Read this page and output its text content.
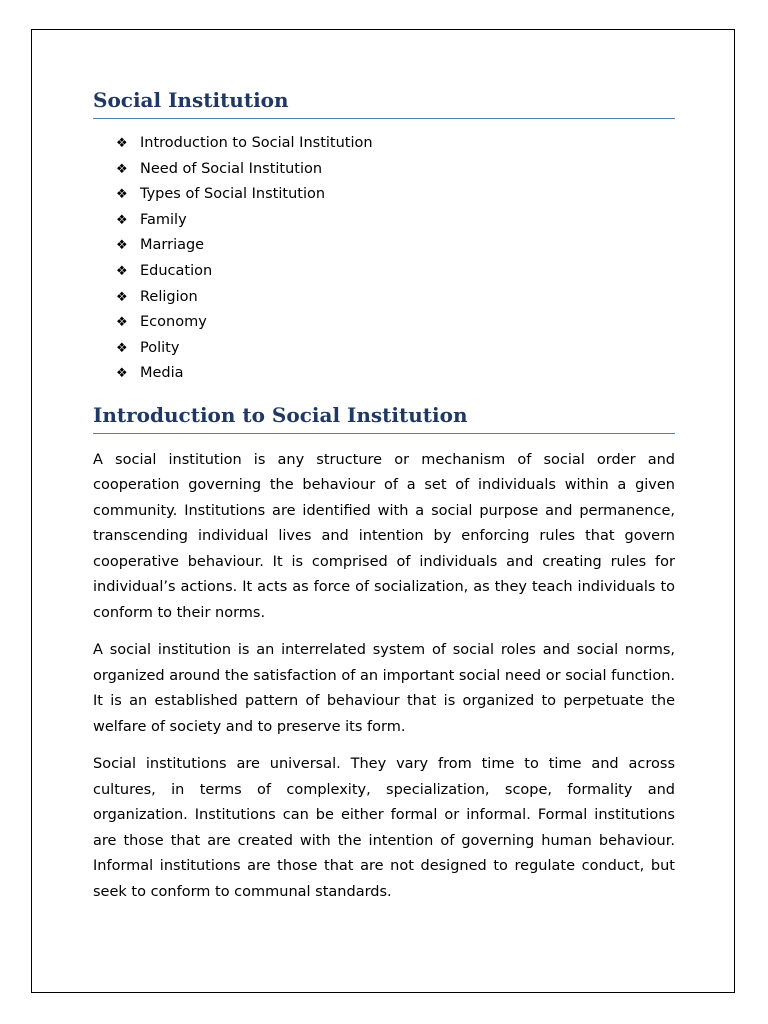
Social Institution
❖ Introduction to Social Institution
❖ Need of Social Institution
❖ Types of Social Institution
❖ Family
❖ Marriage
❖ Education
❖ Religion
❖ Economy
❖ Polity
❖ Media
Introduction to Social Institution

A social institution is any structure or mechanism of social order and cooperation governing the behaviour of a set of individuals within a given community. Institutions are identified with a social purpose and permanence, transcending individual lives and intention by enforcing rules that govern cooperative behaviour. It is comprised of individuals and creating rules for individual’s actions. It acts as force of socialization, as they teach individuals to conform to their norms.

A social institution is an interrelated system of social roles and social norms, organized around the satisfaction of an important social need or social function. It is an established pattern of behaviour that is organized to perpetuate the welfare of society and to preserve its form.

Social institutions are universal. They vary from time to time and across cultures, in terms of complexity, specialization, scope, formality and organization. Institutions can be either formal or informal. Formal institutions are those that are created with the intention of governing human behaviour. Informal institutions are those that are not designed to regulate conduct, but seek to conform to communal standards.
